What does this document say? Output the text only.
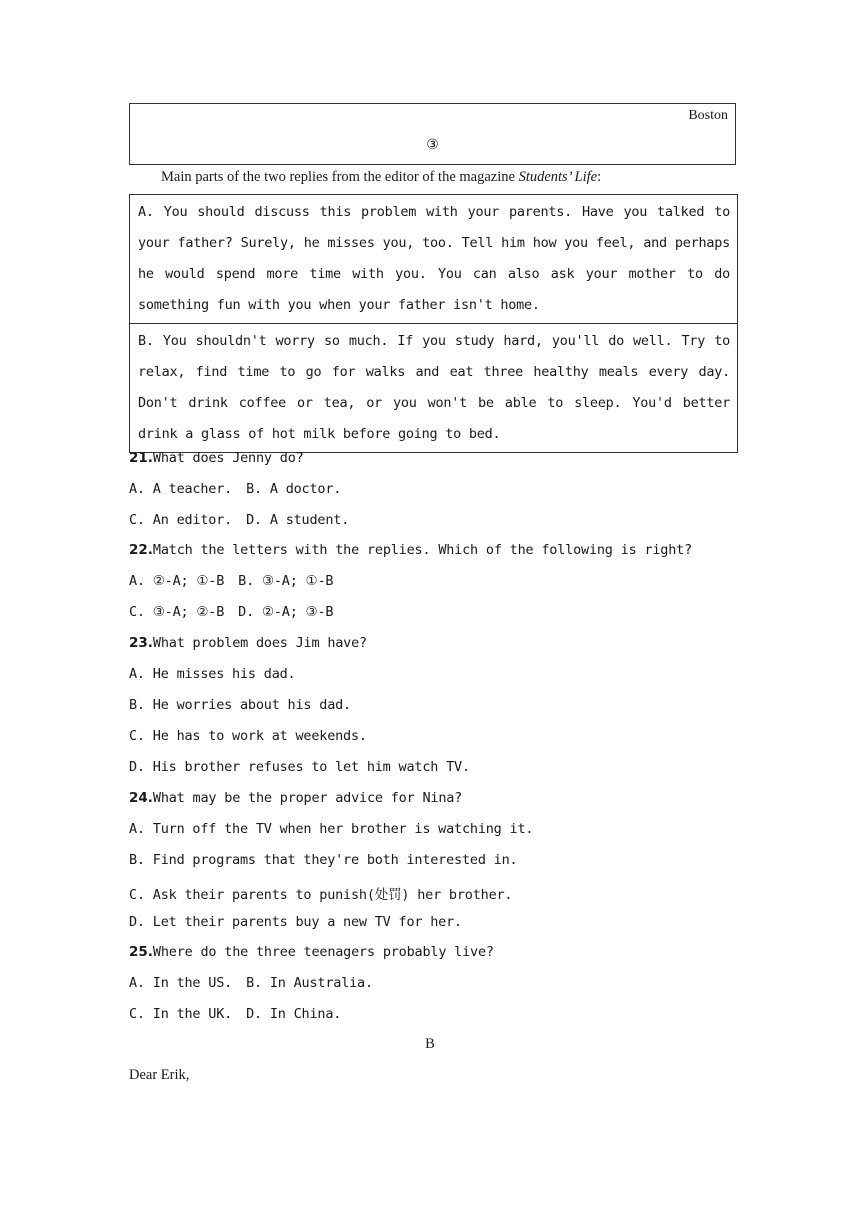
Boston
③
Main parts of the two replies from the editor of the magazine Students’ Life:
A. You should discuss this problem with your parents. Have you talked to your father? Surely, he misses you, too. Tell him how you feel, and perhaps he would spend more time with you. You can also ask your mother to do something fun with you when your father isn't home.
B. You shouldn't worry so much. If you study hard, you'll do well. Try to relax, find time to go for walks and eat three healthy meals every day. Don't drink coffee or tea, or you won't be able to sleep. You'd better drink a glass of hot milk before going to bed.
21.What does Jenny do?
A. A teacher. B. A doctor.
C. An editor. D. A student.
22.Match the letters with the replies. Which of the following is right?
A. ②-A; ①-B B. ③-A; ①-B
C. ③-A; ②-B D. ②-A; ③-B
23.What problem does Jim have?
A. He misses his dad.
B. He worries about his dad.
C. He has to work at weekends.
D. His brother refuses to let him watch TV.
24.What may be the proper advice for Nina?
A. Turn off the TV when her brother is watching it.
B. Find programs that they're both interested in.
C. Ask their parents to punish(处罚) her brother.
D. Let their parents buy a new TV for her.
25.Where do the three teenagers probably live?
A. In the US. B. In Australia.
C. In the UK. D. In China.
B
Dear Erik,
